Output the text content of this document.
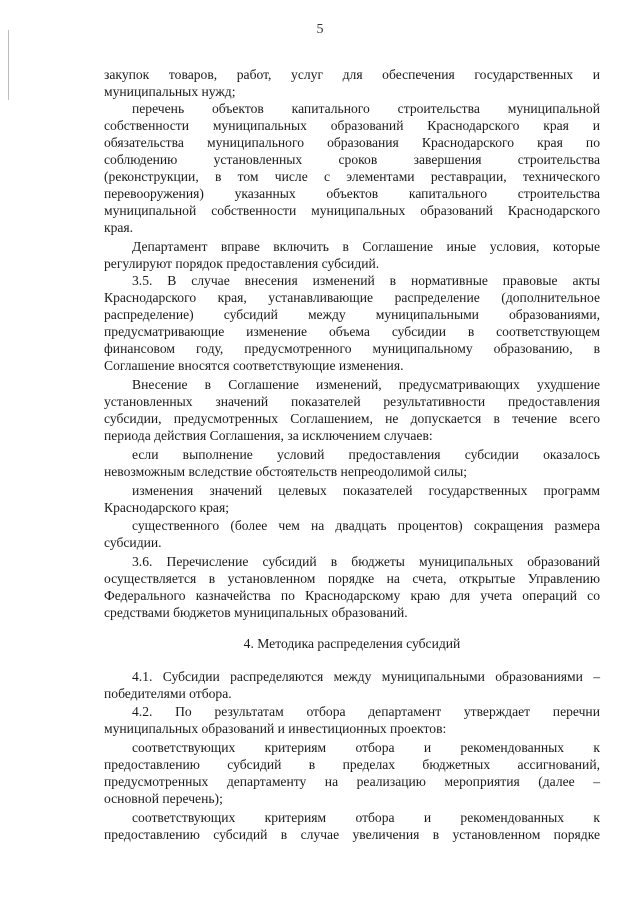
5
закупок товаров, работ, услуг для обеспечения государственных и
муниципальных нужд;
перечень объектов капитального строительства муниципальной
собственности муниципальных образований Краснодарского края и
обязательства муниципального образования Краснодарского края по
соблюдению установленных сроков завершения строительства
(реконструкции, в том числе с элементами реставрации, технического
перевооружения) указанных объектов капитального строительства
муниципальной собственности муниципальных образований Краснодарского
края.
Департамент вправе включить в Соглашение иные условия, которые
регулируют порядок предоставления субсидий.
3.5. В случае внесения изменений в нормативные правовые акты
Краснодарского края, устанавливающие распределение (дополнительное
распределение) субсидий между муниципальными образованиями,
предусматривающие изменение объема субсидии в соответствующем
финансовом году, предусмотренного муниципальному образованию, в
Соглашение вносятся соответствующие изменения.
Внесение в Соглашение изменений, предусматривающих ухудшение
установленных значений показателей результативности предоставления
субсидии, предусмотренных Соглашением, не допускается в течение всего
периода действия Соглашения, за исключением случаев:
если выполнение условий предоставления субсидии оказалось
невозможным вследствие обстоятельств непреодолимой силы;
изменения значений целевых показателей государственных программ
Краснодарского края;
существенного (более чем на двадцать процентов) сокращения размера
субсидии.
3.6. Перечисление субсидий в бюджеты муниципальных образований
осуществляется в установленном порядке на счета, открытые Управлению
Федерального казначейства по Краснодарскому краю для учета операций со
средствами бюджетов муниципальных образований.
4. Методика распределения субсидий
4.1. Субсидии распределяются между муниципальными образованиями –
победителями отбора.
4.2. По результатам отбора департамент утверждает перечни
муниципальных образований и инвестиционных проектов:
соответствующих критериям отбора и рекомендованных к
предоставлению субсидий в пределах бюджетных ассигнований,
предусмотренных департаменту на реализацию мероприятия (далее –
основной перечень);
соответствующих критериям отбора и рекомендованных к
предоставлению субсидий в случае увеличения в установленном порядке
